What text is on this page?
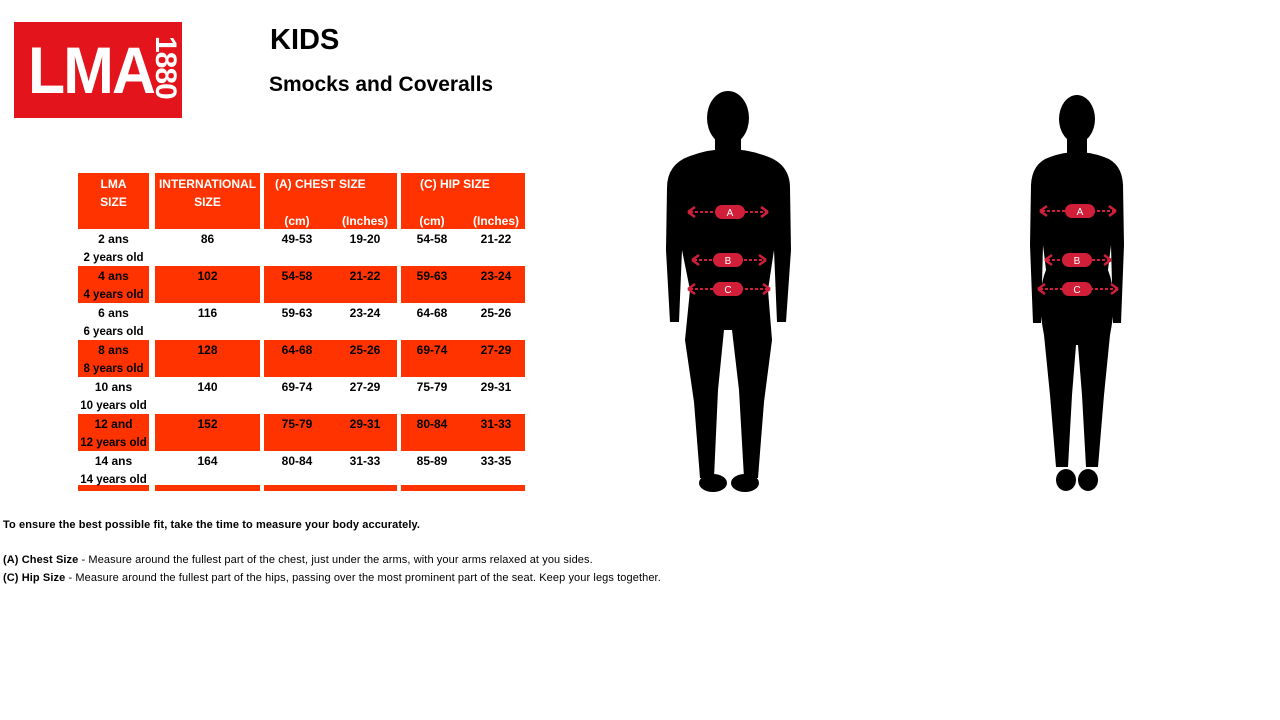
LMA
1880	KIDS
Smocks and Coveralls
LMA SIZE
INTERNATIONAL SIZE
(A) CHEST SIZE	(C) HIP SIZE
(cm)	(Inches)	(cm)	(Inches)
2 ans
2 years old
86	49-53	19-20	54-58	21-22
4 ans
4 years old
102	54-58	21-22	59-63	23-24
6 ans
6 years old
116	59-63	23-24	64-68	25-26
8 ans
8 years old
128	64-68	25-26	69-74	27-29
10 ans
10 years old
140	69-74	27-29	75-79	29-31
12 and
12 years old
152	75-79	29-31	80-84	31-33
14 ans
14 years old
164	80-84	31-33	85-89	33-35
To ensure the best possible fit, take the time to measure your body accurately.
(A) Chest Size - Measure around the fullest part of the chest, just under the arms, with your arms relaxed at you sides.
(C) Hip Size - Measure around the fullest part of the hips, passing over the most prominent part of the seat. Keep your legs together.
A
B
C
A
B
C
